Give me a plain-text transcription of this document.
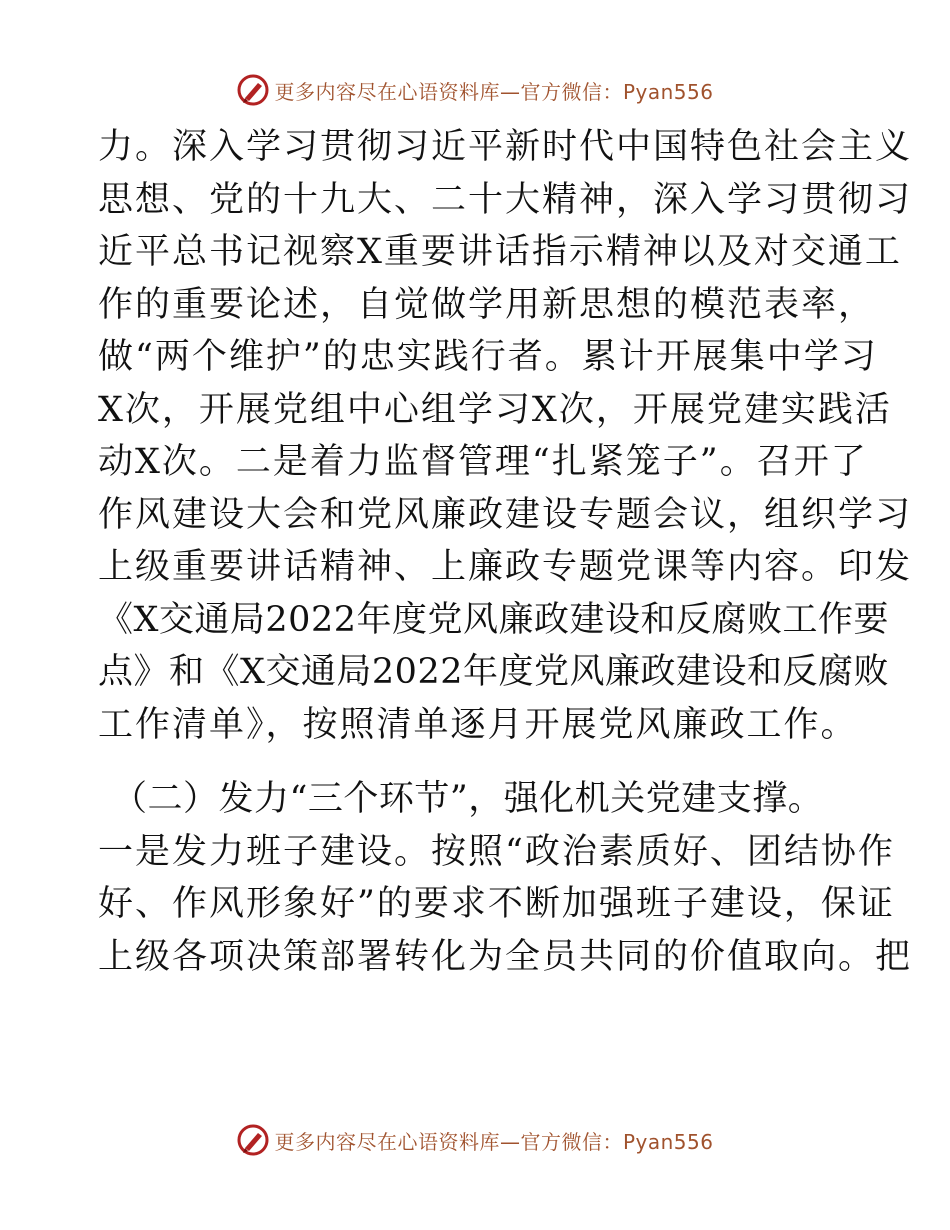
更多内容尽在心语资料库—官方微信：Pyan556
力。深入学习贯彻习近平新时代中国特色社会主义
思想、党的十九大、二十大精神，深入学习贯彻习
近平总书记视察X重要讲话指示精神以及对交通工
作的重要论述，自觉做学用新思想的模范表率，
做“两个维护”的忠实践行者。累计开展集中学习
X次，开展党组中心组学习X次，开展党建实践活
动X次。二是着力监督管理“扎紧笼子”。召开了
作风建设大会和党风廉政建设专题会议，组织学习
上级重要讲话精神、上廉政专题党课等内容。印发
《X交通局2022年度党风廉政建设和反腐败工作要
点》和《X交通局2022年度党风廉政建设和反腐败
工作清单》，按照清单逐月开展党风廉政工作。
（二）发力“三个环节”，强化机关党建支撑。
一是发力班子建设。按照“政治素质好、团结协作
好、作风形象好”的要求不断加强班子建设，保证
上级各项决策部署转化为全员共同的价值取向。把
更多内容尽在心语资料库—官方微信：Pyan556
